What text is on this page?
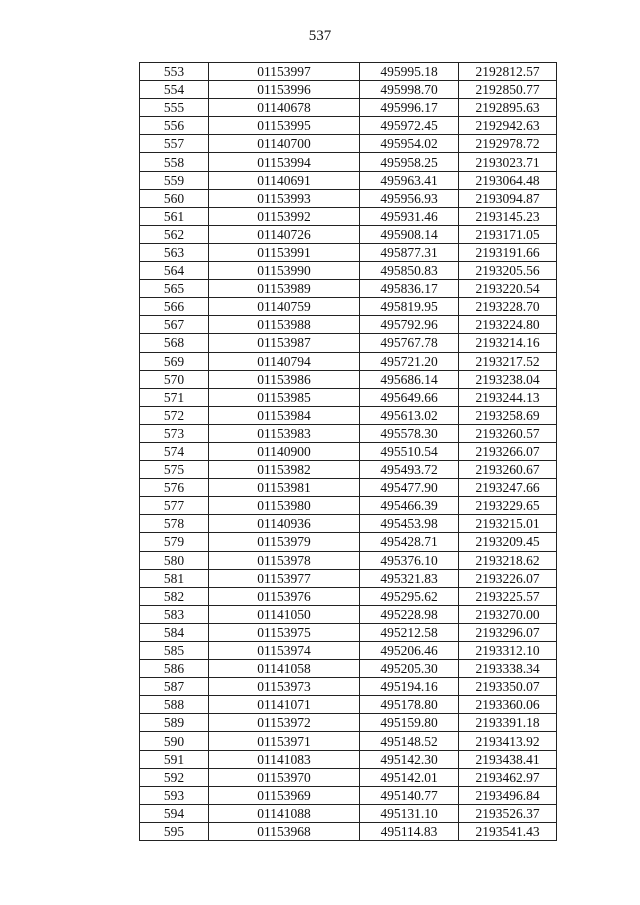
537
553	01153997	495995.18	2192812.57
554	01153996	495998.70	2192850.77
555	01140678	495996.17	2192895.63
556	01153995	495972.45	2192942.63
557	01140700	495954.02	2192978.72
558	01153994	495958.25	2193023.71
559	01140691	495963.41	2193064.48
560	01153993	495956.93	2193094.87
561	01153992	495931.46	2193145.23
562	01140726	495908.14	2193171.05
563	01153991	495877.31	2193191.66
564	01153990	495850.83	2193205.56
565	01153989	495836.17	2193220.54
566	01140759	495819.95	2193228.70
567	01153988	495792.96	2193224.80
568	01153987	495767.78	2193214.16
569	01140794	495721.20	2193217.52
570	01153986	495686.14	2193238.04
571	01153985	495649.66	2193244.13
572	01153984	495613.02	2193258.69
573	01153983	495578.30	2193260.57
574	01140900	495510.54	2193266.07
575	01153982	495493.72	2193260.67
576	01153981	495477.90	2193247.66
577	01153980	495466.39	2193229.65
578	01140936	495453.98	2193215.01
579	01153979	495428.71	2193209.45
580	01153978	495376.10	2193218.62
581	01153977	495321.83	2193226.07
582	01153976	495295.62	2193225.57
583	01141050	495228.98	2193270.00
584	01153975	495212.58	2193296.07
585	01153974	495206.46	2193312.10
586	01141058	495205.30	2193338.34
587	01153973	495194.16	2193350.07
588	01141071	495178.80	2193360.06
589	01153972	495159.80	2193391.18
590	01153971	495148.52	2193413.92
591	01141083	495142.30	2193438.41
592	01153970	495142.01	2193462.97
593	01153969	495140.77	2193496.84
594	01141088	495131.10	2193526.37
595	01153968	495114.83	2193541.43
